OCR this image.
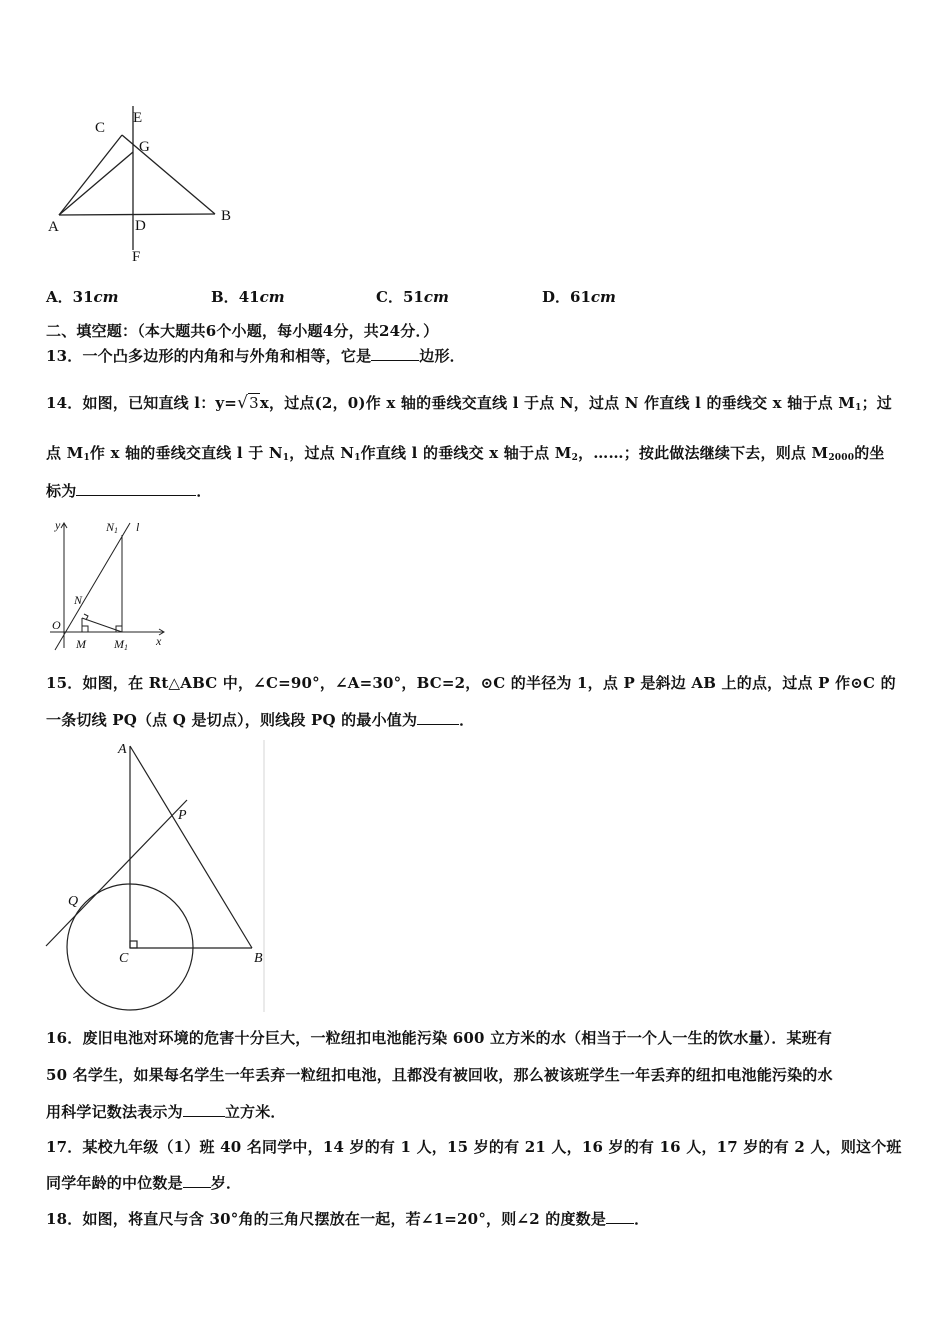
C
E
G
A	D
B
F
A．31cm	B．41cm	C．51cm	D．61cm
二、填空题：（本大题共6个小题，每小题4分，共24分．）
13．一个凸多边形的内角和与外角和相等，它是	边形．
14．如图，已知直线 l：y=√3x，过点(2，0)作 x 轴的垂线交直线 l 于点 N，过点 N 作直线 l 的垂线交 x 轴于点 $M_1$；过
点 $M_1$作 x 轴的垂线交直线 l 于 $N_1$，过点 $N_1$作直线 l 的垂线交 x 轴于点 $M_2$，……；按此做法继续下去，则点 $M_{2000}$的坐
标为	．
y	N1 l
N
O
M M1 x
15．如图，在 Rt△ABC 中，∠C=90°，∠A=30°，BC=2，⊙C 的半径为 1，点 P 是斜边 AB 上的点，过点 P 作⊙C 的
一条切线 PQ（点 Q 是切点），则线段 PQ 的最小值为	．
A
P
Q
C	B
16．废旧电池对环境的危害十分巨大，一粒纽扣电池能污染 600 立方米的水（相当于一个人一生的饮水量）．某班有
50 名学生，如果每名学生一年丢弃一粒纽扣电池，且都没有被回收，那么被该班学生一年丢弃的纽扣电池能污染的水
用科学记数法表示为	立方米．
17．某校九年级（1）班 40 名同学中，14 岁的有 1 人，15 岁的有 21 人，16 岁的有 16 人，17 岁的有 2 人，则这个班
同学年龄的中位数是 岁．
18．如图，将直尺与含 30°角的三角尺摆放在一起，若∠1=20°，则∠2 的度数是 ．
